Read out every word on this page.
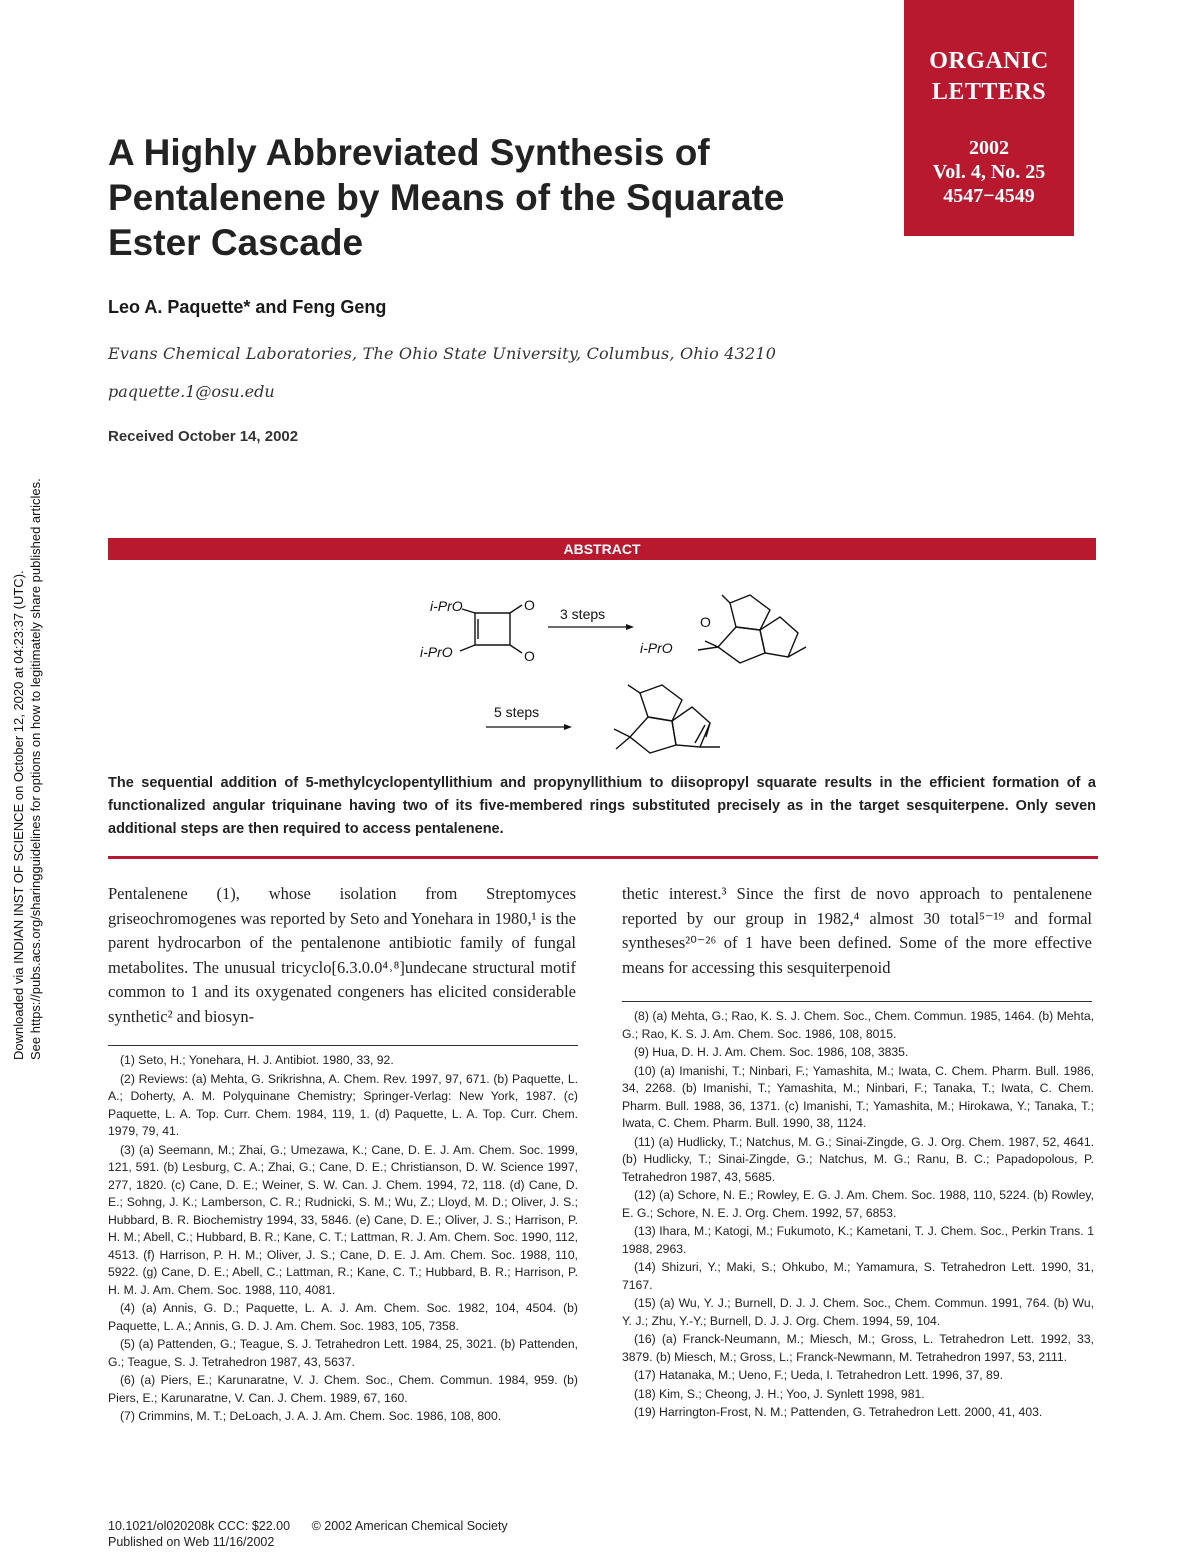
ORGANIC
LETTERS
2002
Vol. 4, No. 25
4547−4549
A Highly Abbreviated Synthesis of
Pentalenene by Means of the Squarate
Ester Cascade
Leo A. Paquette* and Feng Geng
Evans Chemical Laboratories, The Ohio State University, Columbus, Ohio 43210
paquette.1@osu.edu
Received October 14, 2002
Downloaded via INDIAN INST OF SCIENCE on October 12, 2020 at 04:23:37 (UTC). See https://pubs.acs.org/sharingguidelines for options on how to legitimately share published articles.	ABSTRACT
i-PrO
i-PrO
O
O
3 steps
i-PrO
O
5 steps
The sequential addition of 5-methylcyclopentyllithium and propynyllithium to diisopropyl squarate results in the efficient formation of a functionalized angular triquinane having two of its five-membered rings substituted precisely as in the target sesquiterpene. Only seven additional steps are then required to access pentalenene.

Pentalenene (1), whose isolation from Streptomyces griseochromogenes was reported by Seto and Yonehara in 1980,¹ is the parent hydrocarbon of the pentalenone antibiotic family of fungal metabolites. The unusual tricyclo[6.3.0.0⁴˒⁸]undecane structural motif common to 1 and its oxygenated congeners has elicited considerable synthetic² and biosyn-

thetic interest.³ Since the first de novo approach to pentalenene reported by our group in 1982,⁴ almost 30 total⁵⁻¹⁹ and formal syntheses²⁰⁻²⁶ of 1 have been defined. Some of the more effective means for accessing this sesquiterpenoid

(1) Seto, H.; Yonehara, H. J. Antibiot. 1980, 33, 92.

(2) Reviews: (a) Mehta, G. Srikrishna, A. Chem. Rev. 1997, 97, 671. (b) Paquette, L. A.; Doherty, A. M. Polyquinane Chemistry; Springer-Verlag: New York, 1987. (c) Paquette, L. A. Top. Curr. Chem. 1984, 119, 1. (d) Paquette, L. A. Top. Curr. Chem. 1979, 79, 41.

(3) (a) Seemann, M.; Zhai, G.; Umezawa, K.; Cane, D. E. J. Am. Chem. Soc. 1999, 121, 591. (b) Lesburg, C. A.; Zhai, G.; Cane, D. E.; Christianson, D. W. Science 1997, 277, 1820. (c) Cane, D. E.; Weiner, S. W. Can. J. Chem. 1994, 72, 118. (d) Cane, D. E.; Sohng, J. K.; Lamberson, C. R.; Rudnicki, S. M.; Wu, Z.; Lloyd, M. D.; Oliver, J. S.; Hubbard, B. R. Biochemistry 1994, 33, 5846. (e) Cane, D. E.; Oliver, J. S.; Harrison, P. H. M.; Abell, C.; Hubbard, B. R.; Kane, C. T.; Lattman, R. J. Am. Chem. Soc. 1990, 112, 4513. (f) Harrison, P. H. M.; Oliver, J. S.; Cane, D. E. J. Am. Chem. Soc. 1988, 110, 5922. (g) Cane, D. E.; Abell, C.; Lattman, R.; Kane, C. T.; Hubbard, B. R.; Harrison, P. H. M. J. Am. Chem. Soc. 1988, 110, 4081.

(4) (a) Annis, G. D.; Paquette, L. A. J. Am. Chem. Soc. 1982, 104, 4504. (b) Paquette, L. A.; Annis, G. D. J. Am. Chem. Soc. 1983, 105, 7358.

(5) (a) Pattenden, G.; Teague, S. J. Tetrahedron Lett. 1984, 25, 3021. (b) Pattenden, G.; Teague, S. J. Tetrahedron 1987, 43, 5637.

(6) (a) Piers, E.; Karunaratne, V. J. Chem. Soc., Chem. Commun. 1984, 959. (b) Piers, E.; Karunaratne, V. Can. J. Chem. 1989, 67, 160.

(7) Crimmins, M. T.; DeLoach, J. A. J. Am. Chem. Soc. 1986, 108, 800.

(8) (a) Mehta, G.; Rao, K. S. J. Chem. Soc., Chem. Commun. 1985, 1464. (b) Mehta, G.; Rao, K. S. J. Am. Chem. Soc. 1986, 108, 8015.

(9) Hua, D. H. J. Am. Chem. Soc. 1986, 108, 3835.

(10) (a) Imanishi, T.; Ninbari, F.; Yamashita, M.; Iwata, C. Chem. Pharm. Bull. 1986, 34, 2268. (b) Imanishi, T.; Yamashita, M.; Ninbari, F.; Tanaka, T.; Iwata, C. Chem. Pharm. Bull. 1988, 36, 1371. (c) Imanishi, T.; Yamashita, M.; Hirokawa, Y.; Tanaka, T.; Iwata, C. Chem. Pharm. Bull. 1990, 38, 1124.

(11) (a) Hudlicky, T.; Natchus, M. G.; Sinai-Zingde, G. J. Org. Chem. 1987, 52, 4641. (b) Hudlicky, T.; Sinai-Zingde, G.; Natchus, M. G.; Ranu, B. C.; Papadopolous, P. Tetrahedron 1987, 43, 5685.

(12) (a) Schore, N. E.; Rowley, E. G. J. Am. Chem. Soc. 1988, 110, 5224. (b) Rowley, E. G.; Schore, N. E. J. Org. Chem. 1992, 57, 6853.

(13) Ihara, M.; Katogi, M.; Fukumoto, K.; Kametani, T. J. Chem. Soc., Perkin Trans. 1 1988, 2963.

(14) Shizuri, Y.; Maki, S.; Ohkubo, M.; Yamamura, S. Tetrahedron Lett. 1990, 31, 7167.

(15) (a) Wu, Y. J.; Burnell, D. J. J. Chem. Soc., Chem. Commun. 1991, 764. (b) Wu, Y. J.; Zhu, Y.-Y.; Burnell, D. J. J. Org. Chem. 1994, 59, 104.

(16) (a) Franck-Neumann, M.; Miesch, M.; Gross, L. Tetrahedron Lett. 1992, 33, 3879. (b) Miesch, M.; Gross, L.; Franck-Newmann, M. Tetrahedron 1997, 53, 2111.

(17) Hatanaka, M.; Ueno, F.; Ueda, I. Tetrahedron Lett. 1996, 37, 89.

(18) Kim, S.; Cheong, J. H.; Yoo, J. Synlett 1998, 981.

(19) Harrington-Frost, N. M.; Pattenden, G. Tetrahedron Lett. 2000, 41, 403.

10.1021/ol020208k CCC: $22.00 © 2002 American Chemical Society
Published on Web 11/16/2002
